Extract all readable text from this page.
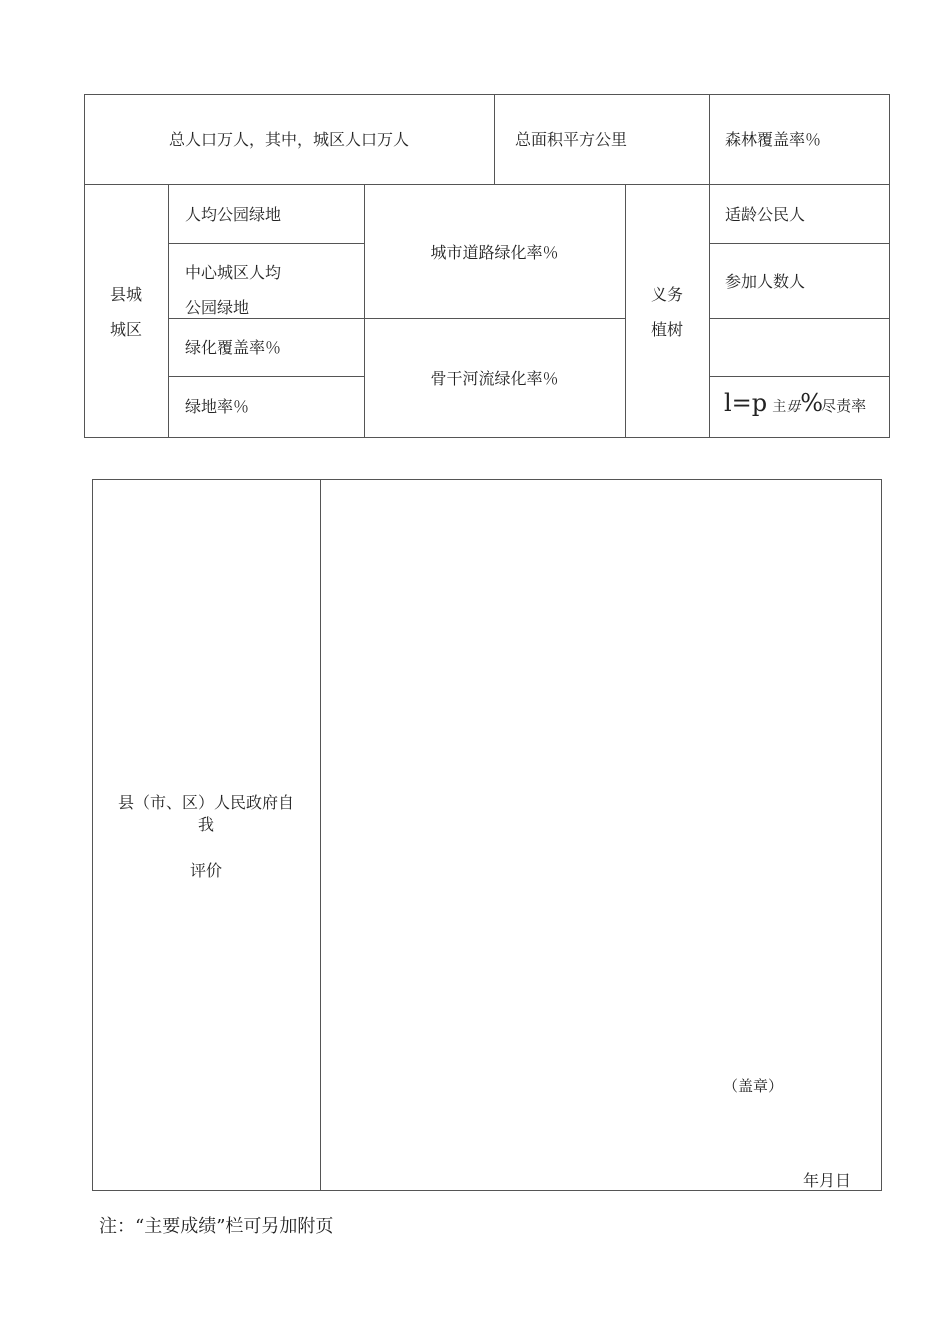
总人口万人，其中，城区人口万人	总面积平方公里	森林覆盖率％
县城
城区
人均公园绿地
中心城区人均
公园绿地
绿化覆盖率％
绿地率％
城市道路绿化率％
骨干河流绿化率％
义务
植树
适龄公民人
参加人数人
l=p 主毋%尽责率
县（市、区）人民政府自
我
评价
（盖章）
年月日
注：“主要成绩”栏可另加附页
